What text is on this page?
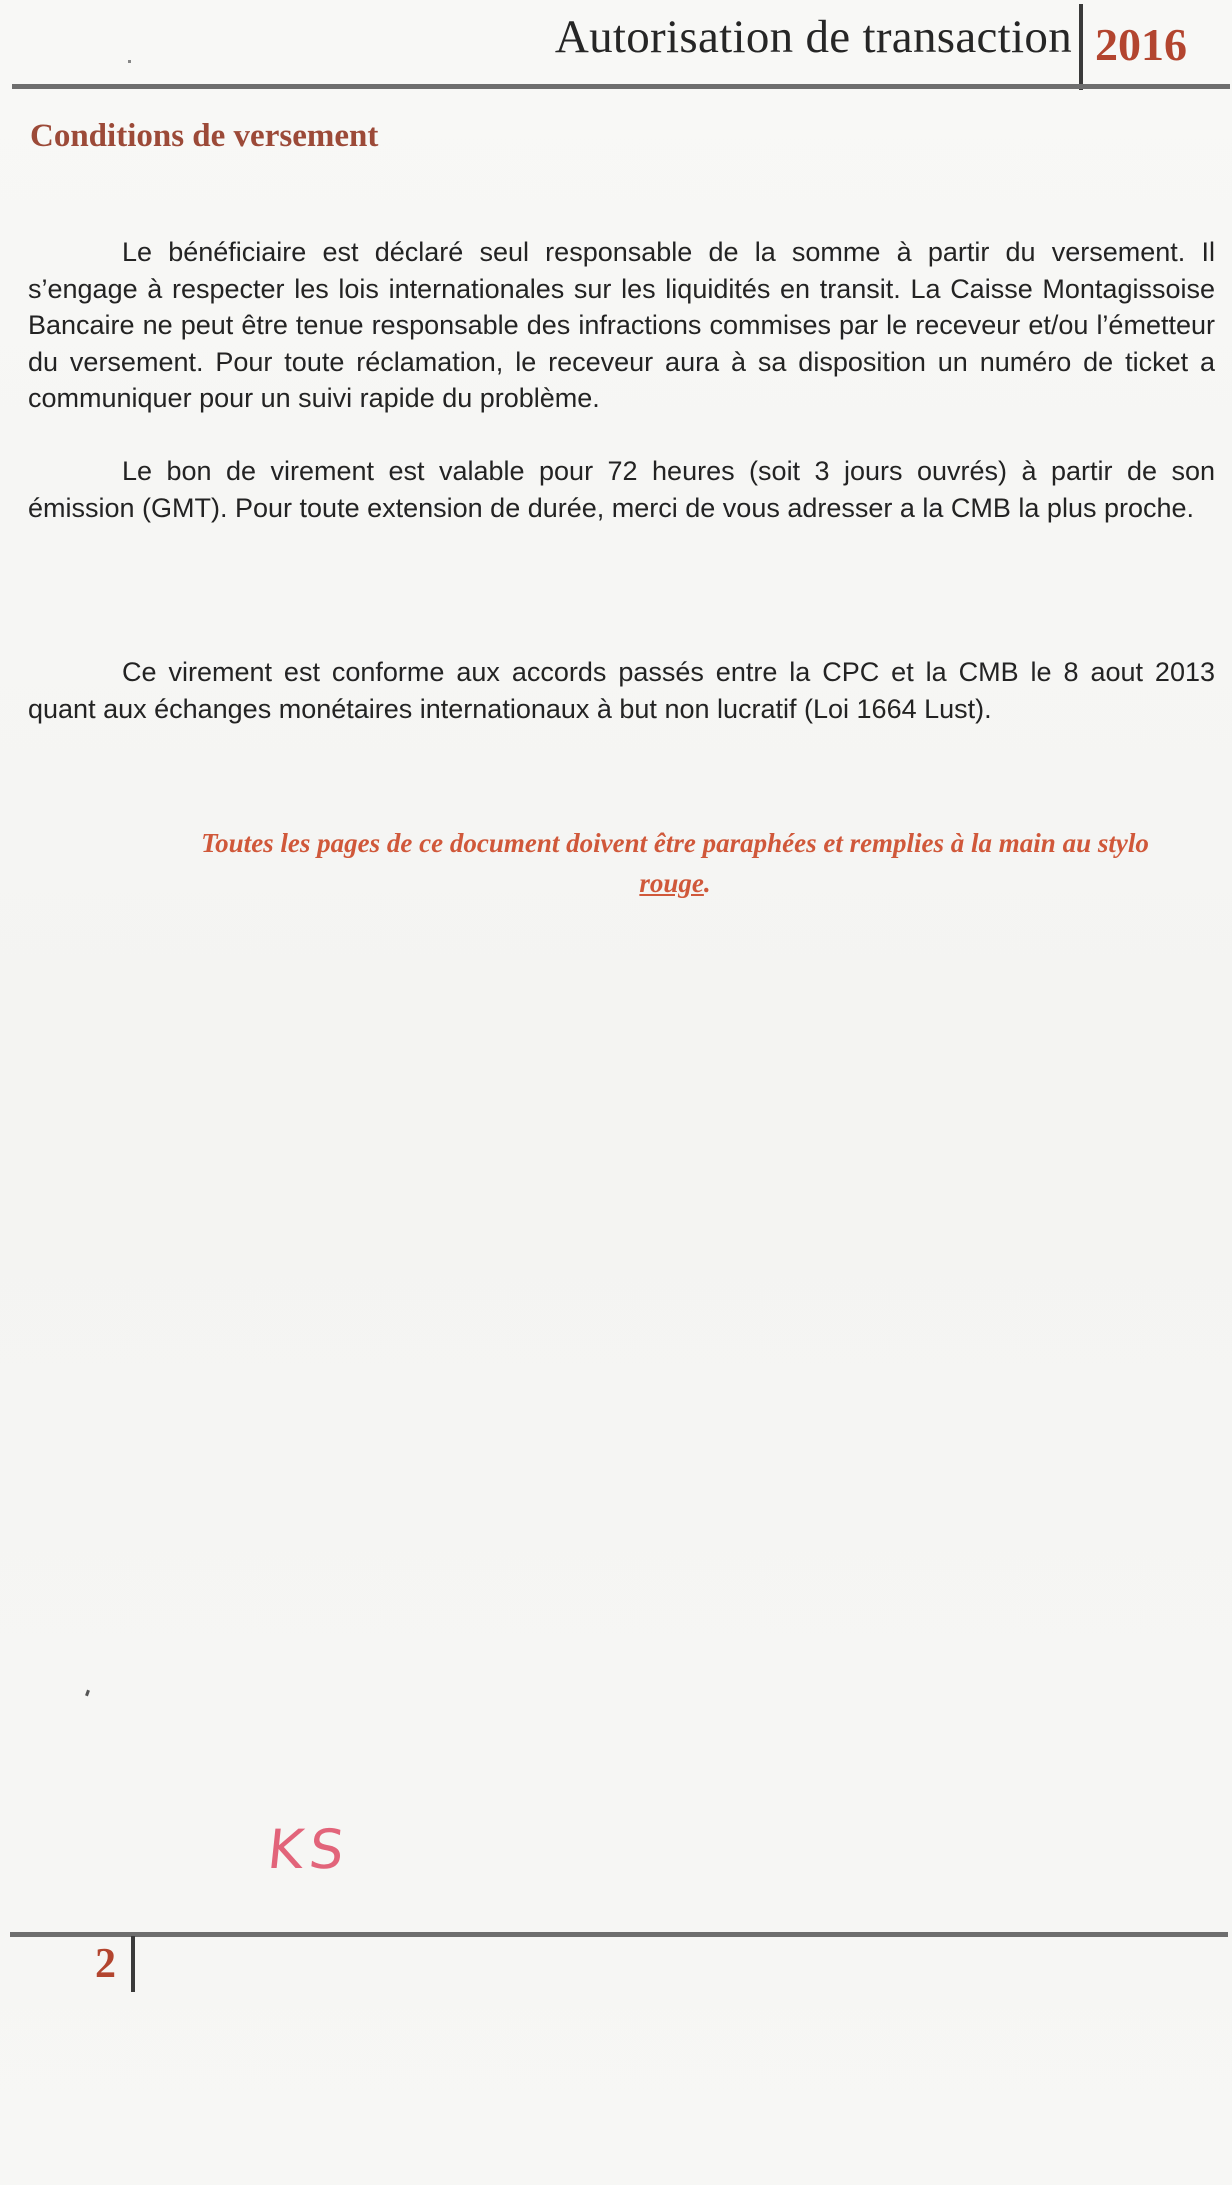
Autorisation de transaction 2016
Conditions de versement

Le bénéficiaire est déclaré seul responsable de la somme à partir du versement. Il s’engage à respecter les lois internationales sur les liquidités en transit. La Caisse Montagissoise Bancaire ne peut être tenue responsable des infractions commises par le receveur et/ou l’émetteur du versement. Pour toute réclamation, le receveur aura à sa disposition un numéro de ticket a communiquer pour un suivi rapide du problème.

Le bon de virement est valable pour 72 heures (soit 3 jours ouvrés) à partir de son émission (GMT). Pour toute extension de durée, merci de vous adresser a la CMB la plus proche.

Ce virement est conforme aux accords passés entre la CPC et la CMB le 8 aout 2013 quant aux échanges monétaires internationaux à but non lucratif (Loi 1664 Lust).

Toutes les pages de ce document doivent être paraphées et remplies à la main au stylo
rouge.

KS
2
